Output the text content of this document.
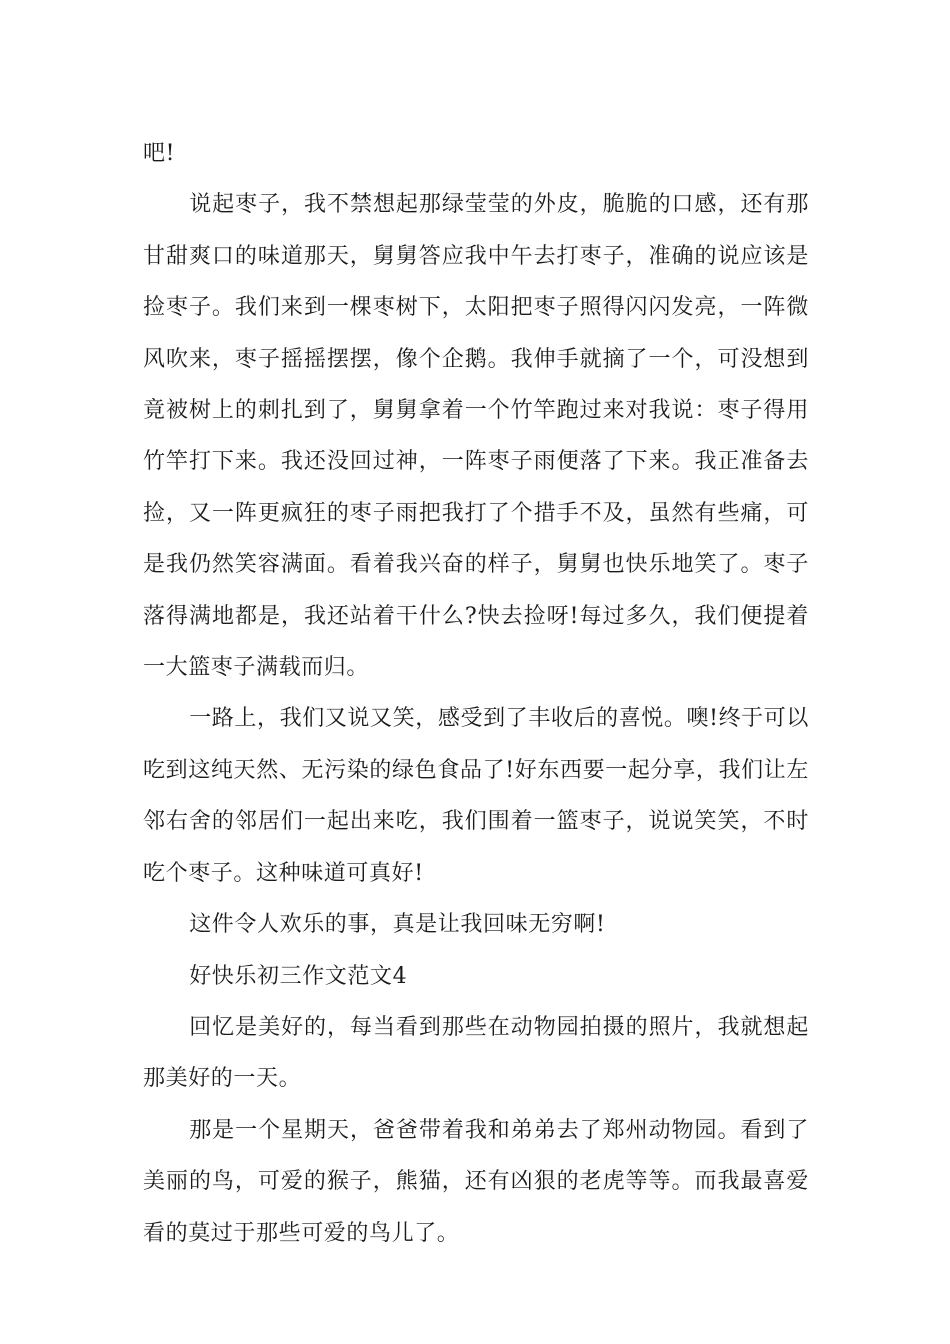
吧!

说起枣子，我不禁想起那绿莹莹的外皮，脆脆的口感，还有那甘甜爽口的味道那天，舅舅答应我中午去打枣子，准确的说应该是捡枣子。我们来到一棵枣树下，太阳把枣子照得闪闪发亮，一阵微风吹来，枣子摇摇摆摆，像个企鹅。我伸手就摘了一个，可没想到竟被树上的刺扎到了，舅舅拿着一个竹竿跑过来对我说：枣子得用竹竿打下来。我还没回过神，一阵枣子雨便落了下来。我正准备去捡，又一阵更疯狂的枣子雨把我打了个措手不及，虽然有些痛，可是我仍然笑容满面。看着我兴奋的样子，舅舅也快乐地笑了。枣子落得满地都是，我还站着干什么?快去捡呀!每过多久，我们便提着一大篮枣子满载而归。

一路上，我们又说又笑，感受到了丰收后的喜悦。噢!终于可以吃到这纯天然、无污染的绿色食品了!好东西要一起分享，我们让左邻右舍的邻居们一起出来吃，我们围着一篮枣子，说说笑笑，不时吃个枣子。这种味道可真好!

这件令人欢乐的事，真是让我回味无穷啊!

好快乐初三作文范文4

回忆是美好的，每当看到那些在动物园拍摄的照片，我就想起那美好的一天。

那是一个星期天，爸爸带着我和弟弟去了郑州动物园。看到了美丽的鸟，可爱的猴子，熊猫，还有凶狠的老虎等等。而我最喜爱看的莫过于那些可爱的鸟儿了。
